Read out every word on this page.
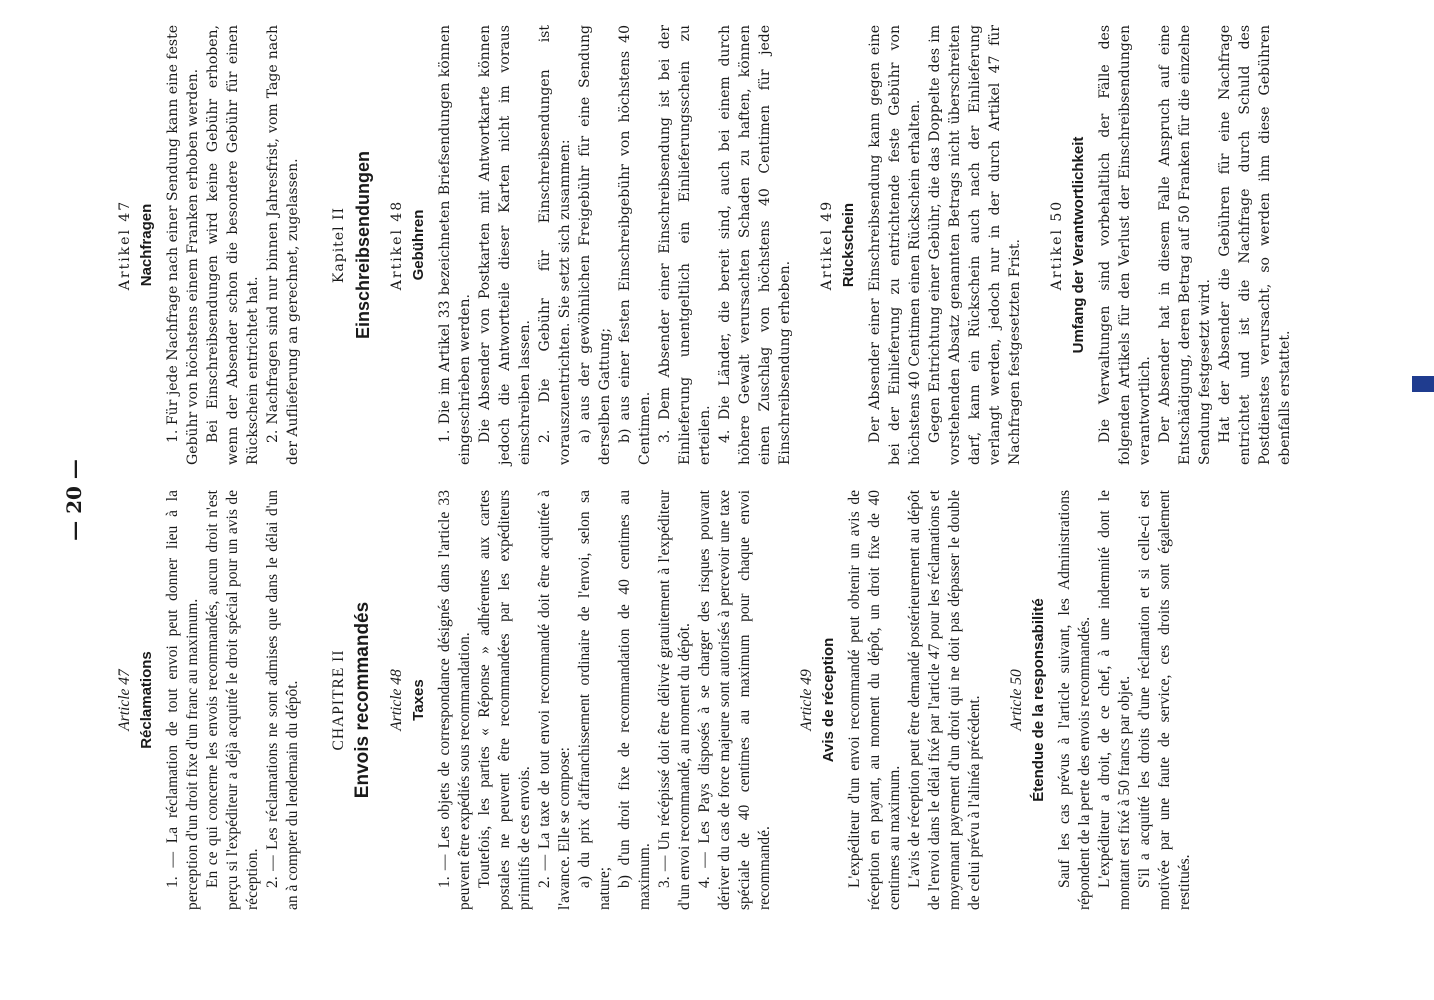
— 20 —
Article 47 Réclamations 1. — La réclamation de tout envoi peut donner lieu à la perception d'un droit fixe d'un franc au maximum. En ce qui concerne les envois recommandés, aucun droit n'est perçu si l'expéditeur a déjà acquitté le droit spécial pour un avis de réception. 2. — Les réclamations ne sont admises que dans le délai d'un an à compter du lendemain du dépôt. CHAPITRE II Envois recommandés Article 48 Taxes 1. — Les objets de correspondance désignés dans l'article 33 peuvent être expédiés sous recommandation. Toutefois, les parties « Réponse » adhérentes aux cartes postales ne peuvent être recommandées par les expéditeurs primitifs de ces envois. 2. — La taxe de tout envoi recommandé doit être acquittée à l'avance. Elle se compose: a) du prix d'affranchissement ordinaire de l'envoi, selon sa nature;

b) d'un droit fixe de recommandation de 40 centimes au maximum. 3. — Un récépissé doit être délivré gratuitement à l'expéditeur d'un envoi recommandé, au moment du dépôt. 4. — Les Pays disposés à se charger des risques pouvant dériver du cas de force majeure sont autorisés à percevoir une taxe spéciale de 40 centimes au maximum pour chaque envoi recommandé.

Article 49 Avis de réception L'expéditeur d'un envoi recommandé peut obtenir un avis de réception en payant, au moment du dépôt, un droit fixe de 40 centimes au maximum. L'avis de réception peut être demandé postérieurement au dépôt de l'envoi dans le délai fixé par l'article 47 pour les réclamations et moyennant payement d'un droit qui ne doit pas dépasser le double de celui prévu à l'alinéa précédent. Article 50 Étendue de la responsabilité Sauf les cas prévus à l'article suivant, les Administrations répondent de la perte des envois recommandés. L'expéditeur a droit, de ce chef, à une indemnité dont le montant est fixé à 50 francs par objet. S'il a acquitté les droits d'une réclamation et si celle-ci est motivée par une faute de service, ces droits sont également restitués.

Artikel 47 Nachfragen 1. Für jede Nachfrage nach einer Sendung kann eine feste Gebühr von höchstens einem Franken erhoben werden. Bei Einschreibsendungen wird keine Gebühr erhoben, wenn der Absender schon die besondere Gebühr für einen Rückschein entrichtet hat. 2. Nachfragen sind nur binnen Jahresfrist, vom Tage nach der Auflieferung an gerechnet, zugelassen. Kapitel II Einschreibsendungen Artikel 48 Gebühren 1. Die im Artikel 33 bezeichneten Briefsendungen können eingeschrieben werden. Die Absender von Postkarten mit Antwortkarte können jedoch die Antwortteile dieser Karten nicht im voraus einschreiben lassen. 2. Die Gebühr für Einschreibsendungen ist vorauszuentrichten. Sie setzt sich zusammen: a) aus der gewöhnlichen Freigebühr für eine Sendung derselben Gattung; b) aus einer festen Einschreibgebühr von höchstens 40 Centimen. 3. Dem Absender einer Einschreibsendung ist bei der Einlieferung unentgeltlich ein Einlieferungsschein zu erteilen. 4. Die Länder, die bereit sind, auch bei einem durch höhere Gewalt verursachten Schaden zu haften, können einen Zuschlag von höchstens 40 Centimen für jede Einschreibsendung erheben.

Artikel 49 Rückschein Der Absender einer Einschreibsendung kann gegen eine bei der Einlieferung zu entrichtende feste Gebühr von höchstens 40 Centimen einen Rückschein erhalten. Gegen Entrichtung einer Gebühr, die das Doppelte des im vorstehenden Absatz genannten Betrags nicht überschreiten darf, kann ein Rückschein auch nach der Einlieferung verlangt werden, jedoch nur in der durch Artikel 47 für Nachfragen festgesetzten Frist. Artikel 50 Umfang der Verantwortlichkeit Die Verwaltungen sind vorbehaltlich der Fälle des folgenden Artikels für den Verlust der Einschreibsendungen verantwortlich. Der Absender hat in diesem Falle Anspruch auf eine Entschädigung, deren Betrag auf 50 Franken für die einzelne Sendung festgesetzt wird. Hat der Absender die Gebühren für eine Nachfrage entrichtet und ist die Nachfrage durch Schuld des Postdienstes verursacht, so werden ihm diese Gebühren ebenfalls erstattet.
